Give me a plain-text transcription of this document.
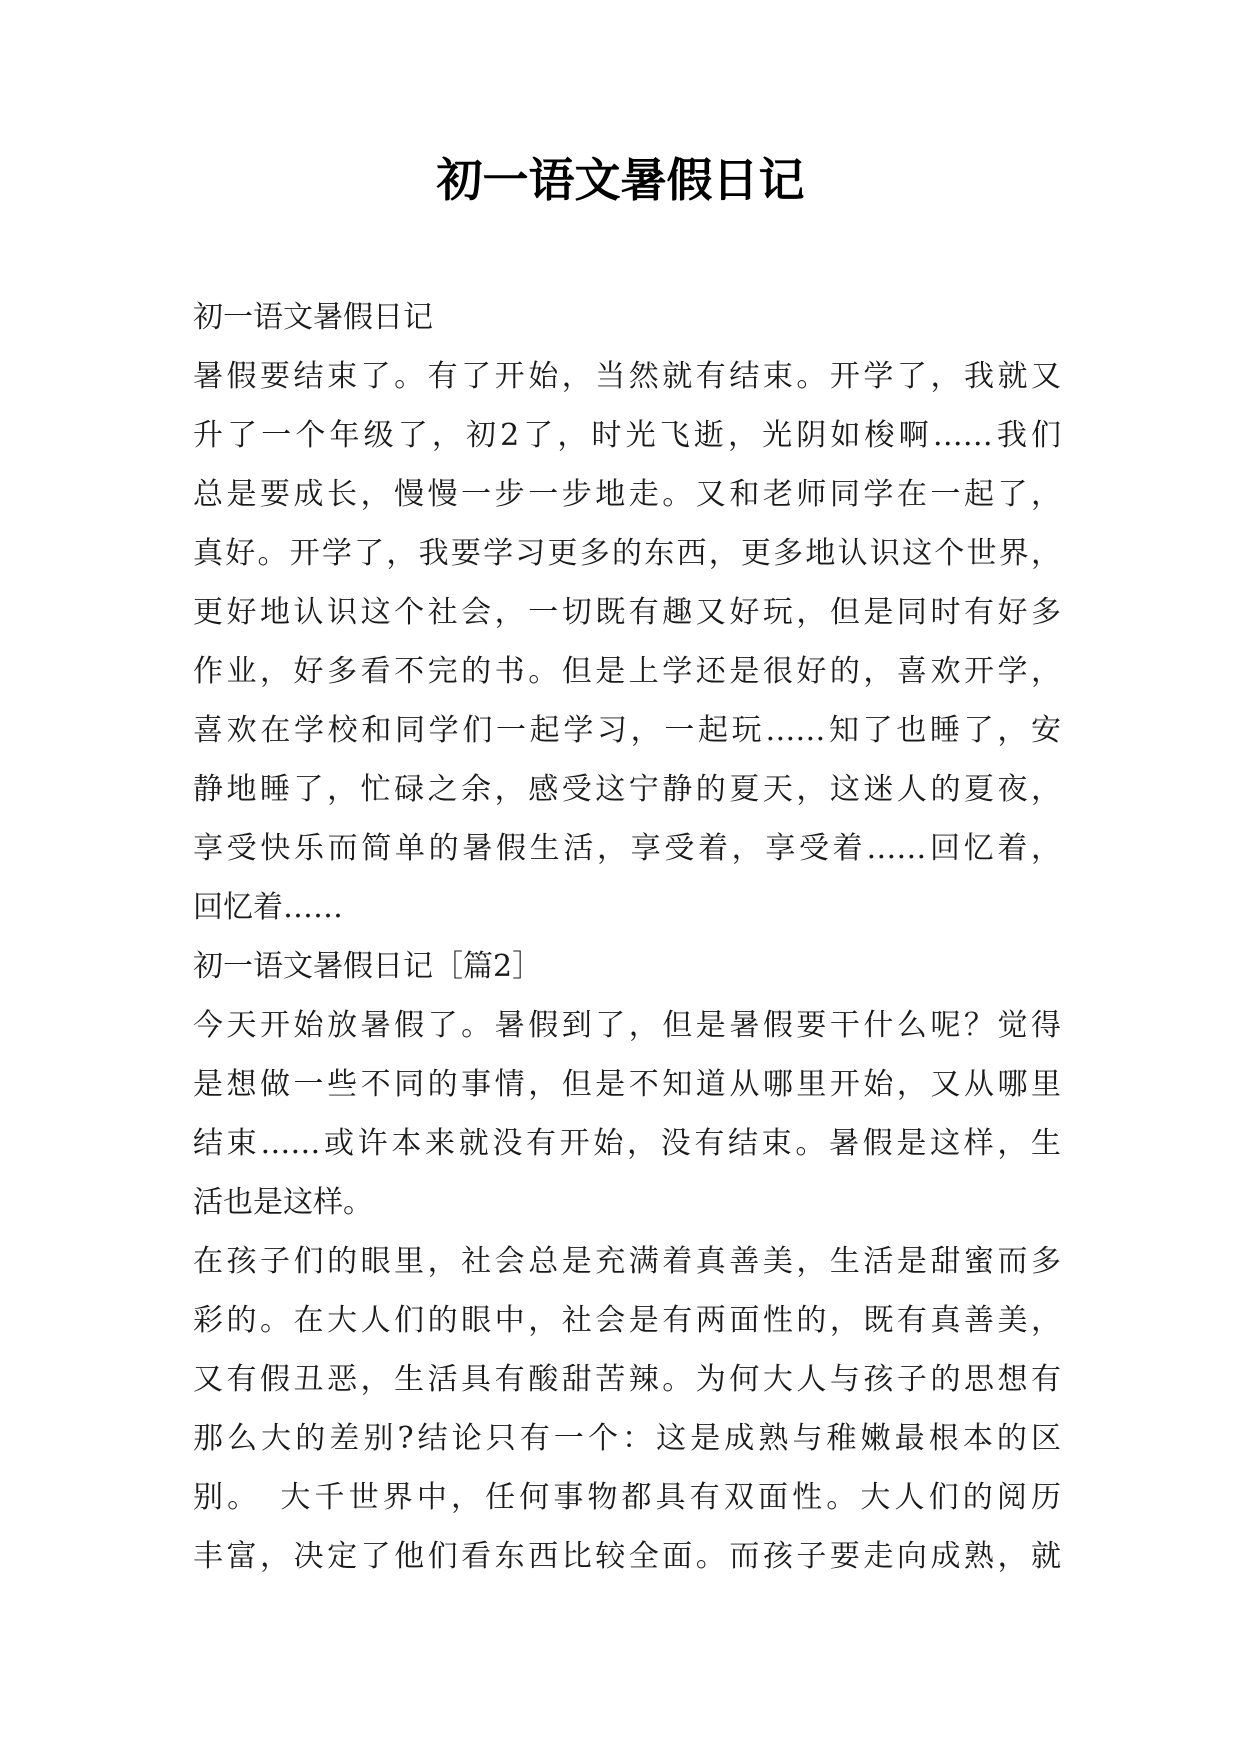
初一语文暑假日记
初一语文暑假日记
暑假要结束了。有了开始，当然就有结束。开学了，我就又
升了一个年级了，初2了，时光飞逝，光阴如梭啊……我们
总是要成长，慢慢一步一步地走。又和老师同学在一起了，
真好。开学了，我要学习更多的东西，更多地认识这个世界，
更好地认识这个社会，一切既有趣又好玩，但是同时有好多
作业，好多看不完的书。但是上学还是很好的，喜欢开学，
喜欢在学校和同学们一起学习，一起玩……知了也睡了，安
静地睡了，忙碌之余，感受这宁静的夏天，这迷人的夏夜，
享受快乐而简单的暑假生活，享受着，享受着……回忆着，
回忆着……
初一语文暑假日记［篇2］
今天开始放暑假了。暑假到了，但是暑假要干什么呢？觉得
是想做一些不同的事情，但是不知道从哪里开始，又从哪里
结束……或许本来就没有开始，没有结束。暑假是这样，生
活也是这样。
在孩子们的眼里，社会总是充满着真善美，生活是甜蜜而多
彩的。在大人们的眼中，社会是有两面性的，既有真善美，
又有假丑恶，生活具有酸甜苦辣。为何大人与孩子的思想有
那么大的差别?结论只有一个：这是成熟与稚嫩最根本的区
别。　大千世界中，任何事物都具有双面性。大人们的阅历
丰富，决定了他们看东西比较全面。而孩子要走向成熟，就
